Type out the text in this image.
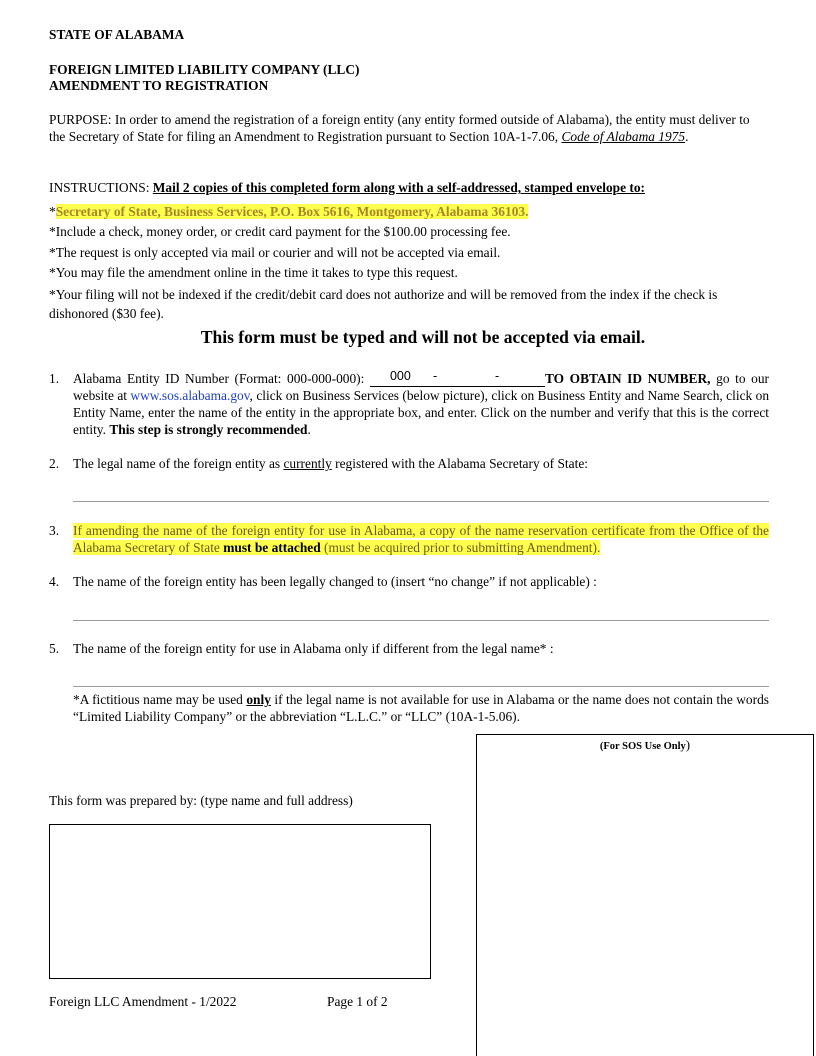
STATE OF ALABAMA
FOREIGN LIMITED LIABILITY COMPANY (LLC)
AMENDMENT TO REGISTRATION
PURPOSE: In order to amend the registration of a foreign entity (any entity formed outside of Alabama), the entity must deliver to the Secretary of State for filing an Amendment to Registration pursuant to Section 10A-1-7.06, Code of Alabama 1975.
INSTRUCTIONS: Mail 2 copies of this completed form along with a self-addressed, stamped envelope to:
*Secretary of State, Business Services, P.O. Box 5616, Montgomery, Alabama 36103.
*Include a check, money order, or credit card payment for the $100.00 processing fee.
*The request is only accepted via mail or courier and will not be accepted via email.
*You may file the amendment online in the time it takes to type this request.
*Your filing will not be indexed if the credit/debit card does not authorize and will be removed from the index if the check is dishonored ($30 fee).
This form must be typed and will not be accepted via email.
1. Alabama Entity ID Number (Format: 000-000-000): 000 -	-	TO OBTAIN ID NUMBER, go to our website at www.sos.alabama.gov, click on Business Services (below picture), click on Business Entity and Name Search, click on Entity Name, enter the name of the entity in the appropriate box, and enter. Click on the number and verify that this is the correct entity. This step is strongly recommended.
2. The legal name of the foreign entity as currently registered with the Alabama Secretary of State:
3. If amending the name of the foreign entity for use in Alabama, a copy of the name reservation certificate from the Office of the Alabama Secretary of State must be attached (must be acquired prior to submitting Amendment).
4. The name of the foreign entity has been legally changed to (insert “no change” if not applicable) :
5. The name of the foreign entity for use in Alabama only if different from the legal name* :
*A fictitious name may be used only if the legal name is not available for use in Alabama or the name does not contain the words “Limited Liability Company” or the abbreviation “L.L.C.” or “LLC” (10A-1-5.06).
(For SOS Use Only)
This form was prepared by: (type name and full address)
Foreign LLC Amendment - 1/2022	Page 1 of 2
